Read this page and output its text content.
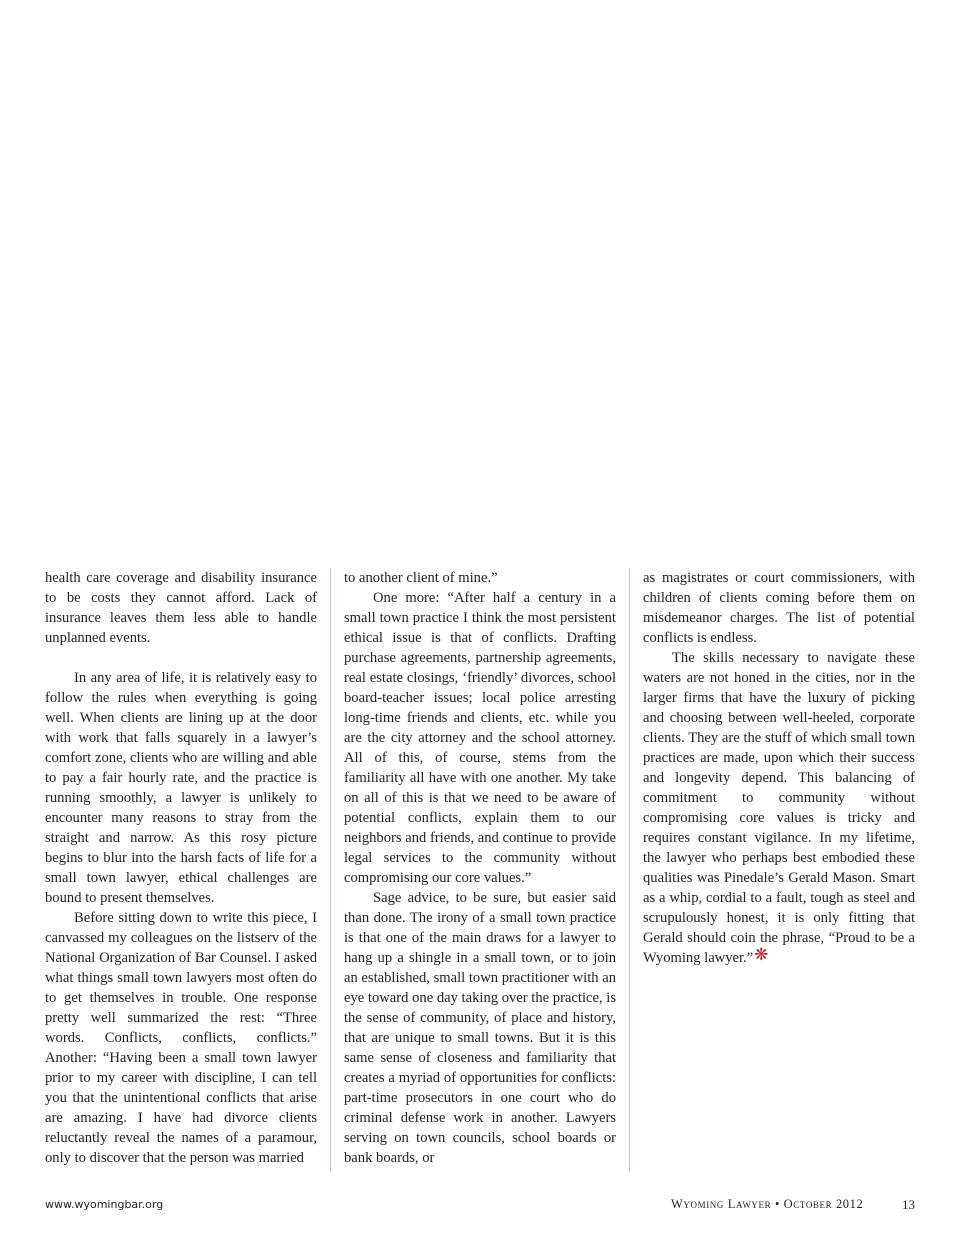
health care coverage and disability insurance to be costs they cannot afford. Lack of insurance leaves them less able to handle unplanned events.

In any area of life, it is relatively easy to follow the rules when everything is going well. When clients are lining up at the door with work that falls squarely in a lawyer’s comfort zone, clients who are willing and able to pay a fair hourly rate, and the practice is running smoothly, a lawyer is unlikely to encounter many reasons to stray from the straight and narrow. As this rosy picture begins to blur into the harsh facts of life for a small town lawyer, ethical challenges are bound to present themselves.

Before sitting down to write this piece, I canvassed my colleagues on the listserv of the National Organization of Bar Counsel. I asked what things small town lawyers most often do to get themselves in trouble. One response pretty well summarized the rest: “Three words. Conflicts, conflicts, conflicts.” Another: “Having been a small town lawyer prior to my career with discipline, I can tell you that the unintentional conflicts that arise are amazing. I have had divorce clients reluctantly reveal the names of a paramour, only to discover that the person was married

to another client of mine.”

One more: “After half a century in a small town practice I think the most persistent ethical issue is that of conflicts. Drafting purchase agreements, partnership agreements, real estate closings, ‘friendly’ divorces, school board-teacher issues; local police arresting long-time friends and clients, etc. while you are the city attorney and the school attorney. All of this, of course, stems from the familiarity all have with one another. My take on all of this is that we need to be aware of potential conflicts, explain them to our neighbors and friends, and continue to provide legal services to the community without compromising our core values.”

Sage advice, to be sure, but easier said than done. The irony of a small town practice is that one of the main draws for a lawyer to hang up a shingle in a small town, or to join an established, small town practitioner with an eye toward one day taking over the practice, is the sense of community, of place and history, that are unique to small towns. But it is this same sense of closeness and familiarity that creates a myriad of opportunities for conflicts: part-time prosecutors in one court who do criminal defense work in another. Lawyers serving on town councils, school boards or bank boards, or

as magistrates or court commissioners, with children of clients coming before them on misdemeanor charges. The list of potential conflicts is endless.

The skills necessary to navigate these waters are not honed in the cities, nor in the larger firms that have the luxury of picking and choosing between well-heeled, corporate clients. They are the stuff of which small town practices are made, upon which their success and longevity depend. This balancing of commitment to community without compromising core values is tricky and requires constant vigilance. In my lifetime, the lawyer who perhaps best embodied these qualities was Pinedale’s Gerald Mason. Smart as a whip, cordial to a fault, tough as steel and scrupulously honest, it is only fitting that Gerald should coin the phrase, “Proud to be a Wyoming lawyer.”❋

www.wyomingbar.org	Wyoming Lawyer • October 2012	13
